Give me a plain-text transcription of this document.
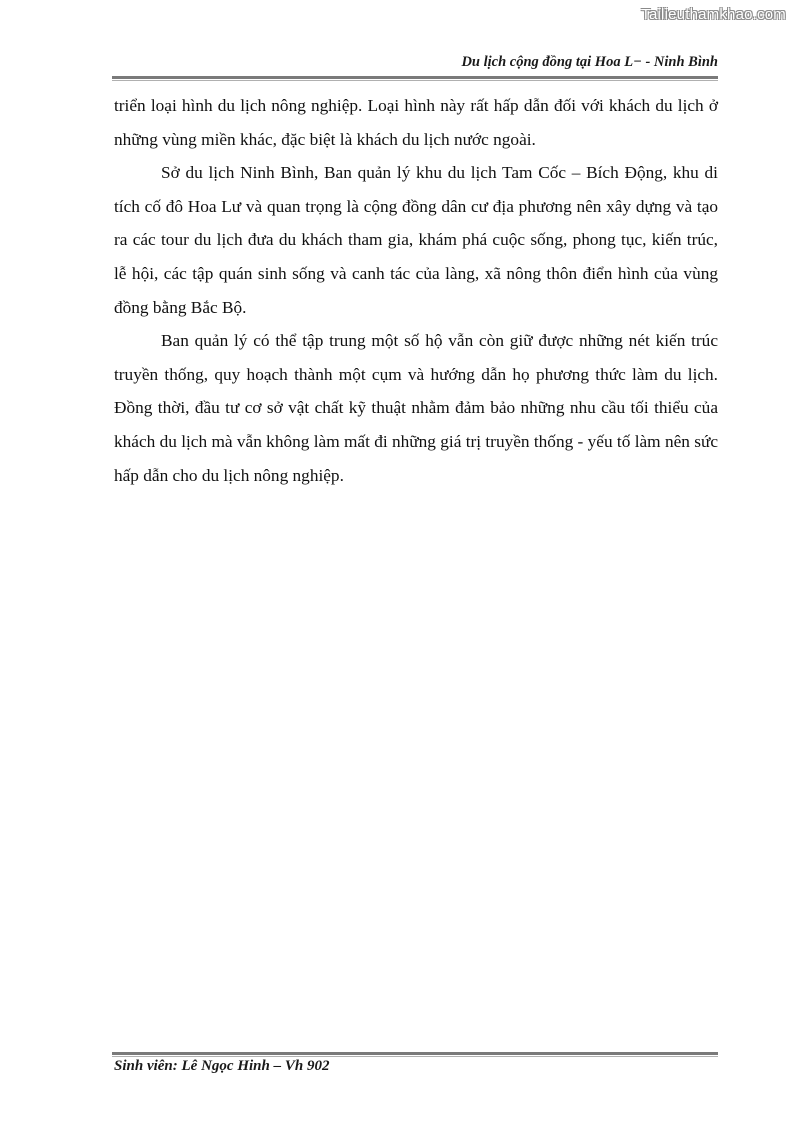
Tailieuthamkhao.com
Du lịch cộng đồng tại Hoa L− - Ninh Bình

triển loại hình du lịch nông nghiệp. Loại hình này rất hấp dẫn đối với khách du lịch ở những vùng miền khác, đặc biệt là khách du lịch nước ngoài.

Sở du lịch Ninh Bình, Ban quản lý khu du lịch Tam Cốc – Bích Động, khu di tích cố đô Hoa Lư và quan trọng là cộng đồng dân cư địa phương nên xây dựng và tạo ra các tour du lịch đưa du khách tham gia, khám phá cuộc sống, phong tục, kiến trúc, lễ hội, các tập quán sinh sống và canh tác của làng, xã nông thôn điển hình của vùng đồng bằng Bắc Bộ.

Ban quản lý có thể tập trung một số hộ vẫn còn giữ được những nét kiến trúc truyền thống, quy hoạch thành một cụm và hướng dẫn họ phương thức làm du lịch. Đồng thời, đầu tư cơ sở vật chất kỹ thuật nhằm đảm bảo những nhu cầu tối thiểu của khách du lịch mà vẫn không làm mất đi những giá trị truyền thống - yếu tố làm nên sức hấp dẫn cho du lịch nông nghiệp.

Sinh viên: Lê Ngọc Hinh – Vh 902
